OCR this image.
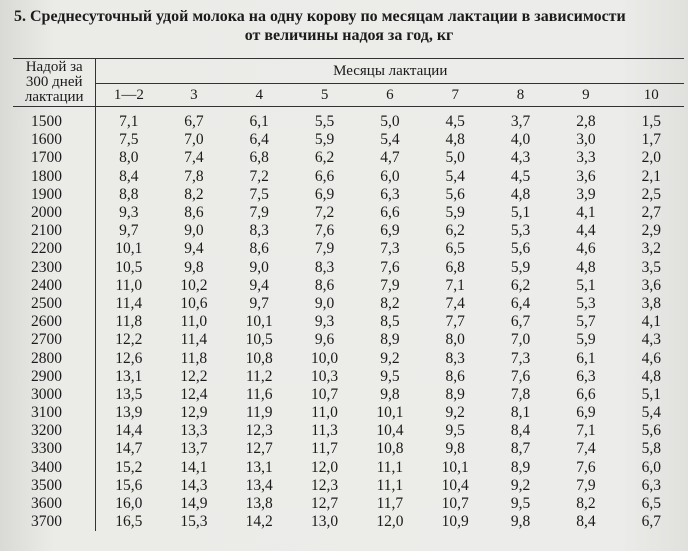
5. Среднесуточный удой молока на одну корову по месяцам лактации в зависимости
от величины надоя за год, кг
Надой за
300 дней
лактации	Месяцы лактации								
	1—2	3	4	5	6	7	8	9	10
1500	7,1	6,7	6,1	5,5	5,0	4,5	3,7	2,8	1,5
1600	7,5	7,0	6,4	5,9	5,4	4,8	4,0	3,0	1,7
1700	8,0	7,4	6,8	6,2	4,7	5,0	4,3	3,3	2,0
1800	8,4	7,8	7,2	6,6	6,0	5,4	4,5	3,6	2,1
1900	8,8	8,2	7,5	6,9	6,3	5,6	4,8	3,9	2,5
2000	9,3	8,6	7,9	7,2	6,6	5,9	5,1	4,1	2,7
2100	9,7	9,0	8,3	7,6	6,9	6,2	5,3	4,4	2,9
2200	10,1	9,4	8,6	7,9	7,3	6,5	5,6	4,6	3,2
2300	10,5	9,8	9,0	8,3	7,6	6,8	5,9	4,8	3,5
2400	11,0	10,2	9,4	8,6	7,9	7,1	6,2	5,1	3,6
2500	11,4	10,6	9,7	9,0	8,2	7,4	6,4	5,3	3,8
2600	11,8	11,0	10,1	9,3	8,5	7,7	6,7	5,7	4,1
2700	12,2	11,4	10,5	9,6	8,9	8,0	7,0	5,9	4,3
2800	12,6	11,8	10,8	10,0	9,2	8,3	7,3	6,1	4,6
2900	13,1	12,2	11,2	10,3	9,5	8,6	7,6	6,3	4,8
3000	13,5	12,4	11,6	10,7	9,8	8,9	7,8	6,6	5,1
3100	13,9	12,9	11,9	11,0	10,1	9,2	8,1	6,9	5,4
3200	14,4	13,3	12,3	11,3	10,4	9,5	8,4	7,1	5,6
3300	14,7	13,7	12,7	11,7	10,8	9,8	8,7	7,4	5,8
3400	15,2	14,1	13,1	12,0	11,1	10,1	8,9	7,6	6,0
3500	15,6	14,3	13,4	12,3	11,1	10,4	9,2	7,9	6,3
3600	16,0	14,9	13,8	12,7	11,7	10,7	9,5	8,2	6,5
3700	16,5	15,3	14,2	13,0	12,0	10,9	9,8	8,4	6,7
